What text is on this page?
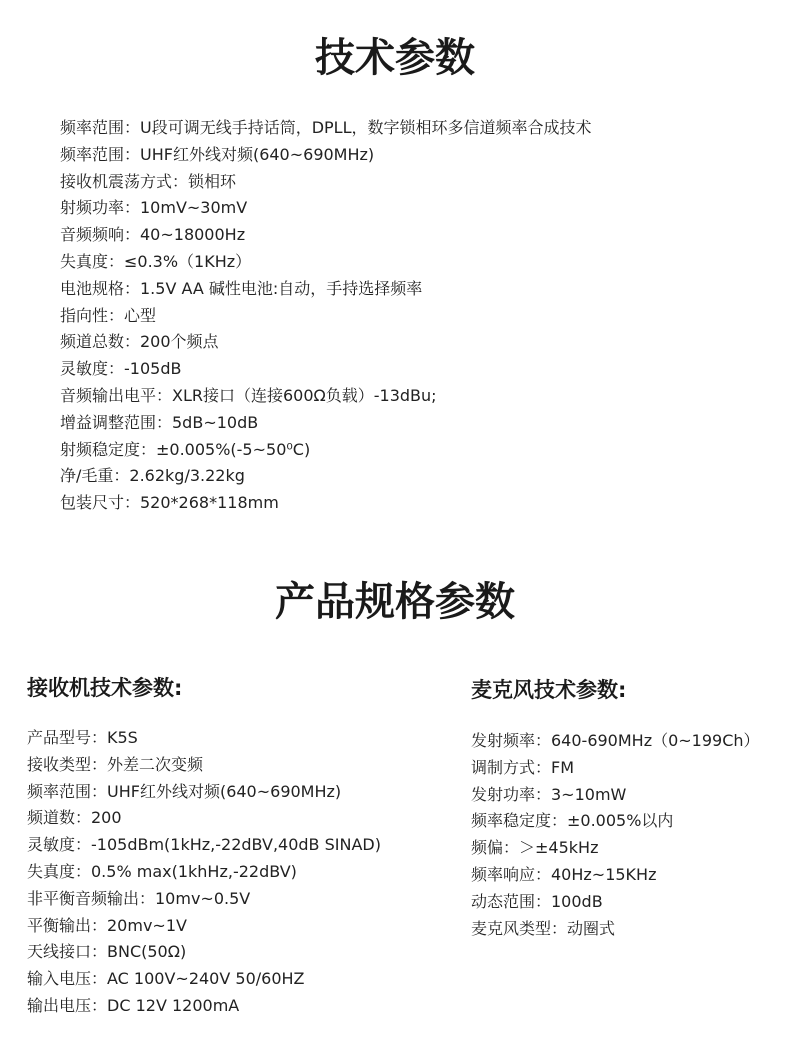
技术参数
频率范围：U段可调无线手持话筒，DPLL，数字锁相环多信道频率合成技术
频率范围：UHF红外线对频(640~690MHz)
接收机震荡方式：锁相环
射频功率：10mV~30mV
音频频响：40~18000Hz
失真度：≤0.3%（1KHz）
电池规格：1.5V AA 碱性电池:自动，手持选择频率
指向性：心型
频道总数：200个频点
灵敏度：-105dB
音频输出电平：XLR接口（连接600Ω负载）-13dBu;
增益调整范围：5dB~10dB
射频稳定度：±0.005%(-5~50⁰C)
净/毛重：2.62kg/3.22kg
包装尺寸：520*268*118mm
产品规格参数
接收机技术参数:	麦克风技术参数:
产品型号：K5S
接收类型：外差二次变频
频率范围：UHF红外线对频(640~690MHz)
频道数：200
灵敏度：-105dBm(1kHz,-22dBV,40dB SINAD)
失真度：0.5% max(1khHz,-22dBV)
非平衡音频输出：10mv~0.5V
平衡输出：20mv~1V
天线接口：BNC(50Ω)
输入电压：AC 100V~240V 50/60HZ
输出电压：DC 12V 1200mA
发射频率：640-690MHz（0~199Ch）
调制方式：FM
发射功率：3~10mW
频率稳定度：±0.005%以内
频偏：＞±45kHz
频率响应：40Hz~15KHz
动态范围：100dB
麦克风类型：动圈式
